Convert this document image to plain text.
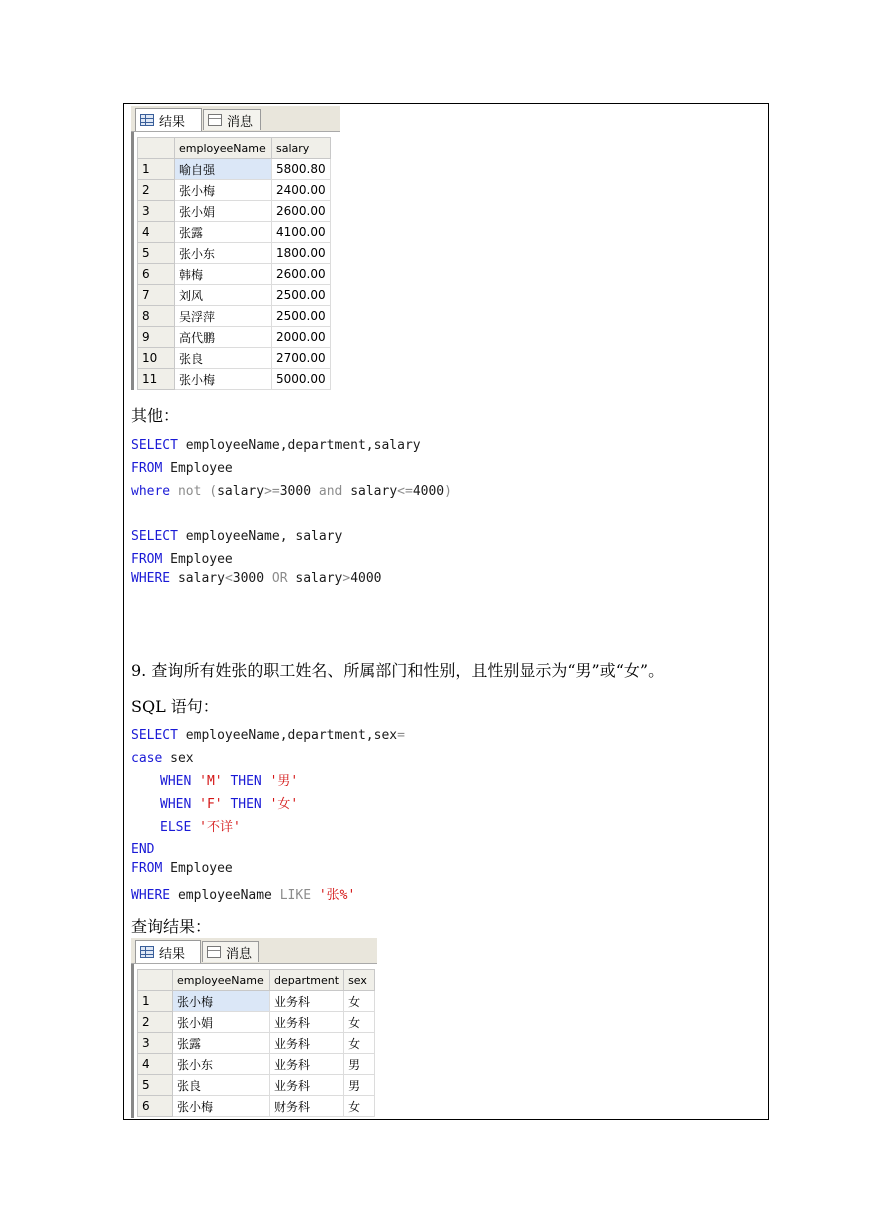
结果	消息
	employeeName	salary
1	喻自强	5800.80
2	张小梅	2400.00
3	张小娟	2600.00
4	张露	4100.00
5	张小东	1800.00
6	韩梅	2600.00
7	刘风	2500.00
8	吴浮萍	2500.00
9	高代鹏	2000.00
10	张良	2700.00
11	张小梅	5000.00
其他：
SELECT employeeName,department,salary
FROM Employee
where not (salary>=3000 and salary<=4000)
SELECT employeeName, salary
FROM Employee
WHERE salary<3000 OR salary>4000
9. 查询所有姓张的职工姓名、所属部门和性别，且性别显示为“男”或“女”。
SQL 语句：
SELECT employeeName,department,sex=
case sex
WHEN 'M' THEN '男'
WHEN 'F' THEN '女'
ELSE '不详'
END
FROM Employee
WHERE employeeName LIKE '张%'
查询结果：
结果	消息
	employeeName	department	sex
1	张小梅	业务科	女
2	张小娟	业务科	女
3	张露	业务科	女
4	张小东	业务科	男
5	张良	业务科	男
6	张小梅	财务科	女
